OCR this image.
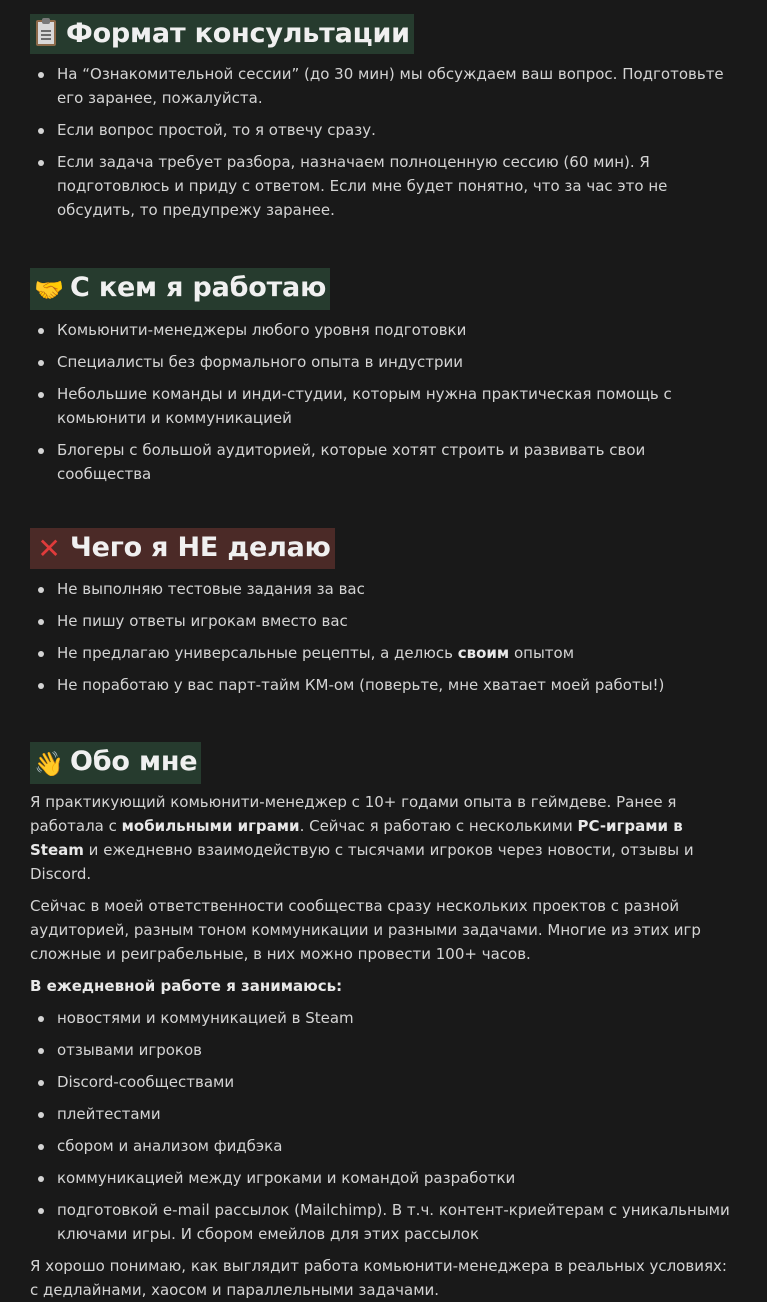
Формат консультации
На “Ознакомительной сессии” (до 30 мин) мы обсуждаем ваш вопрос. Подготовьте его заранее, пожалуйста.
Если вопрос простой, то я отвечу сразу.
Если задача требует разбора, назначаем полноценную сессию (60 мин). Я подготовлюсь и приду с ответом. Если мне будет понятно, что за час это не обсудить, то предупрежу заранее.
🤝 С кем я работаю
Комьюнити-менеджеры любого уровня подготовки
Специалисты без формального опыта в индустрии
Небольшие команды и инди-студии, которым нужна практическая помощь с комьюнити и коммуникацией
Блогеры с большой аудиторией, которые хотят строить и развивать свои сообщества
✕ Чего я НЕ делаю
Не выполняю тестовые задания за вас
Не пишу ответы игрокам вместо вас
Не предлагаю универсальные рецепты, а делюсь своим опытом
Не поработаю у вас парт-тайм КМ-ом (поверьте, мне хватает моей работы!)
👋 Обо мне

Я практикующий комьюнити-менеджер с 10+ годами опыта в геймдеве. Ранее я работала с мобильными играми. Сейчас я работаю с несколькими PC-играми в Steam и ежедневно взаимодействую с тысячами игроков через новости, отзывы и Discord.

Сейчас в моей ответственности сообщества сразу нескольких проектов с разной аудиторией, разным тоном коммуникации и разными задачами. Многие из этих игр сложные и реиграбельные, в них можно провести 100+ часов.

В ежедневной работе я занимаюсь:

новостями и коммуникацией в Steam
отзывами игроков
Discord-сообществами
плейтестами
сбором и анализом фидбэка
коммуникацией между игроками и командой разработки
подготовкой e-mail рассылок (Mailchimp). В т.ч. контент-криейтерам с уникальными ключами игры. И сбором емейлов для этих рассылок

Я хорошо понимаю, как выглядит работа комьюнити-менеджера в реальных условиях: с дедлайнами, хаосом и параллельными задачами.
